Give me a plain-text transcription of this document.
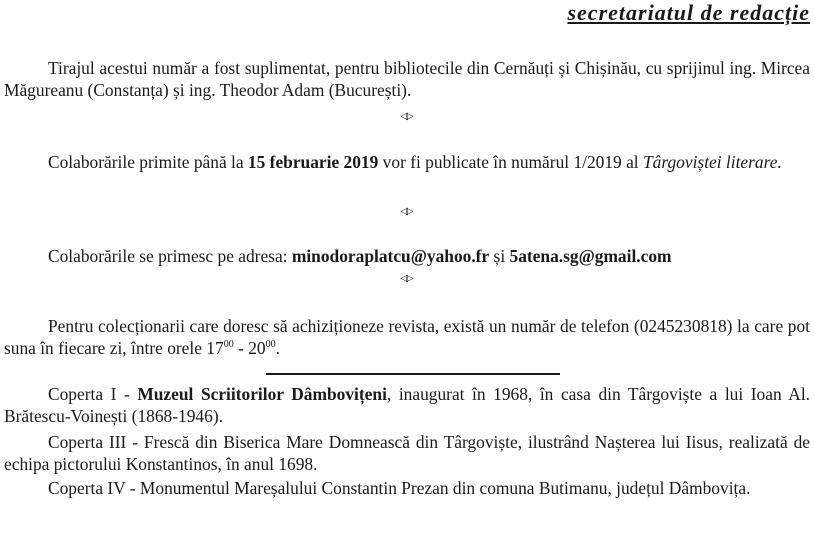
secretariatul de redacție
Tirajul acestui număr a fost suplimentat, pentru bibliotecile din Cernăuți și Chișinău, cu sprijinul ing. Mircea Măgureanu (Constanța) și ing. Theodor Adam (București).
◁▷
Colaborările primite până la 15 februarie 2019 vor fi publicate în numărul 1/2019 al Târgoviștei literare.
◁▷
Colaborările se primesc pe adresa: minodoraplatcu@yahoo.fr și 5atena.sg@gmail.com
◁▷
Pentru colecționarii care doresc să achiziționeze revista, există un număr de telefon (0245230818) la care pot suna în fiecare zi, între orele $17^{00} - 20^{00}$.
Coperta I - Muzeul Scriitorilor Dâmbovițeni, inaugurat în 1968, în casa din Târgoviște a lui Ioan Al. Brătescu-Voinești (1868-1946).
Coperta III - Frescă din Biserica Mare Domnească din Târgoviște, ilustrând Nașterea lui Iisus, realizată de echipa pictorului Konstantinos, în anul 1698.
Coperta IV - Monumentul Mareșalului Constantin Prezan din comuna Butimanu, județul Dâmbovița.
